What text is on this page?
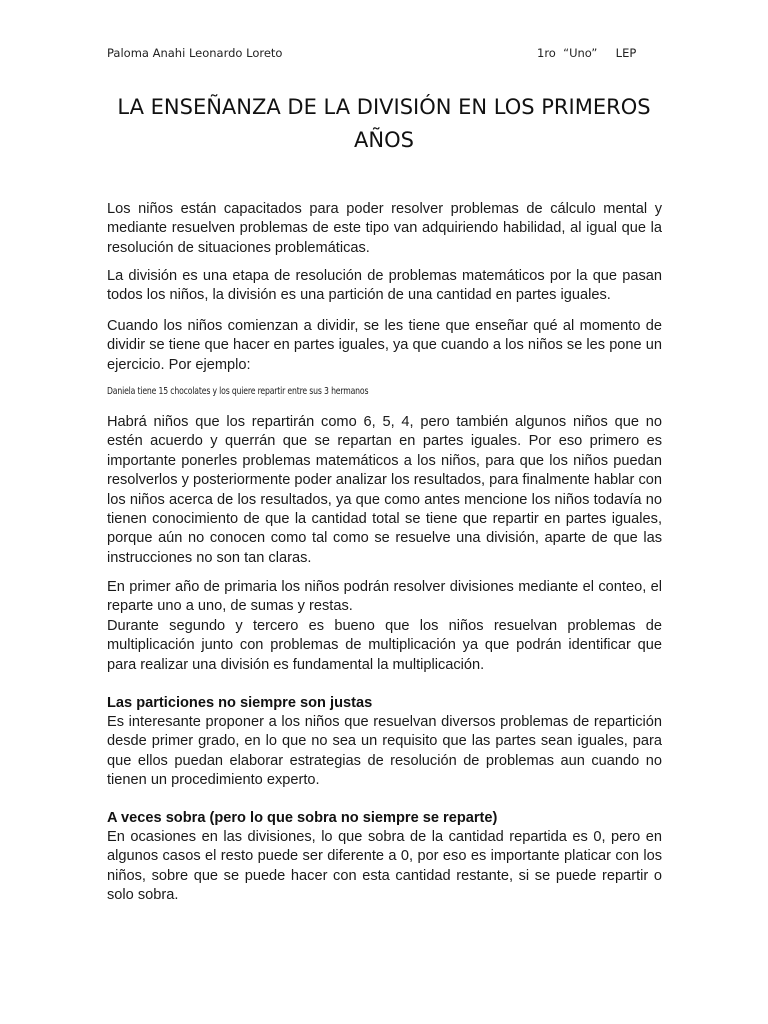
Paloma Anahi Leonardo Loreto	1ro  “Uno”     LEP
LA ENSEÑANZA DE LA DIVISIÓN EN LOS PRIMEROS AÑOS

Los niños están capacitados para poder resolver problemas de cálculo mental y mediante resuelven problemas de este tipo van adquiriendo habilidad, al igual que la resolución de situaciones problemáticas.

La división es una etapa de resolución de problemas matemáticos por la que pasan todos los niños, la división es una partición de una cantidad en partes iguales.

Cuando los niños comienzan a dividir, se les tiene que enseñar qué al momento de dividir se tiene que hacer en partes iguales, ya que cuando a los niños se les pone un ejercicio. Por ejemplo:

Daniela tiene 15 chocolates y los quiere repartir entre sus 3 hermanos

Habrá niños que los repartirán como 6, 5, 4, pero también algunos niños que no estén acuerdo y querrán que se repartan en partes iguales. Por eso primero es importante ponerles problemas matemáticos a los niños, para que los niños puedan resolverlos y posteriormente poder analizar los resultados, para finalmente hablar con los niños acerca de los resultados, ya que como antes mencione los niños todavía no tienen conocimiento de que la cantidad total se tiene que repartir en partes iguales, porque aún no conocen como tal como se resuelve una división, aparte de que las instrucciones no son tan claras.

En primer año de primaria los niños podrán resolver divisiones mediante el conteo, el reparte uno a uno, de sumas y restas.

Durante segundo y tercero es bueno que los niños resuelvan problemas de multiplicación junto con problemas de multiplicación ya que podrán identificar que para realizar una división es fundamental la multiplicación.

Las particiones no siempre son justas

Es interesante proponer a los niños que resuelvan diversos problemas de repartición desde primer grado, en lo que no sea un requisito que las partes sean iguales, para que ellos puedan elaborar estrategias de resolución de problemas aun cuando no tienen un procedimiento experto.

A veces sobra (pero lo que sobra no siempre se reparte)

En ocasiones en las divisiones, lo que sobra de la cantidad repartida es 0, pero en algunos casos el resto puede ser diferente a 0, por eso es importante platicar con los niños, sobre que se puede hacer con esta cantidad restante, si se puede repartir o solo sobra.
